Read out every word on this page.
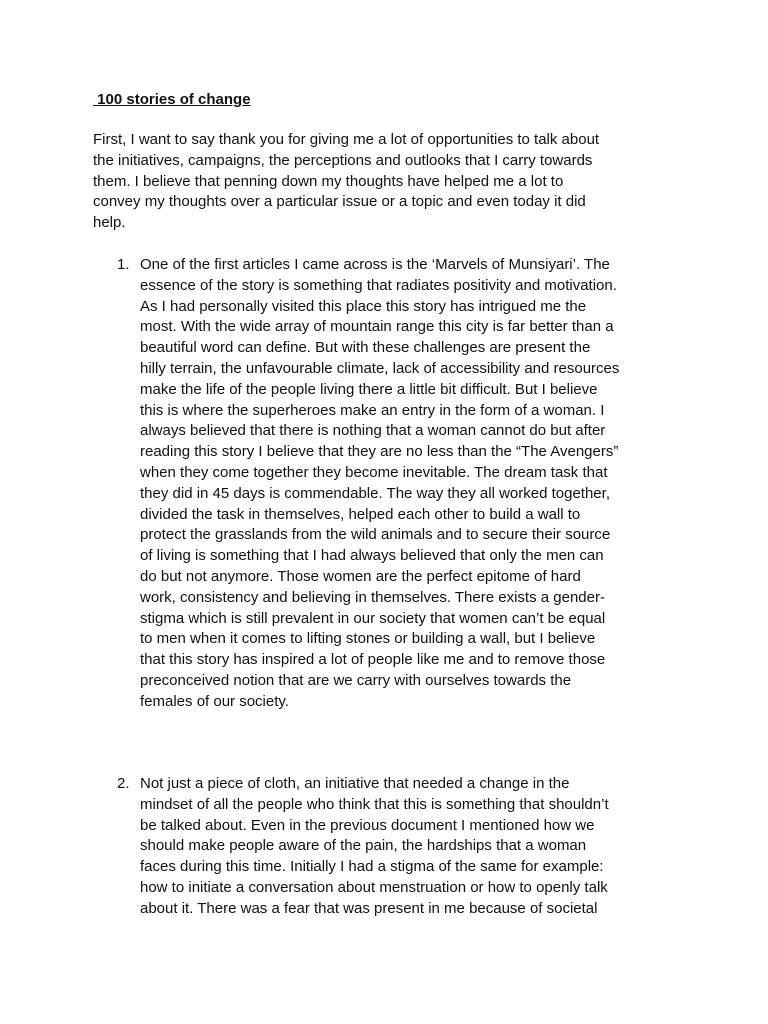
100 stories of change
First, I want to say thank you for giving me a lot of opportunities to talk about
the initiatives, campaigns, the perceptions and outlooks that I carry towards
them. I believe that penning down my thoughts have helped me a lot to
convey my thoughts over a particular issue or a topic and even today it did
help.
1. One of the first articles I came across is the ‘Marvels of Munsiyari’. The
essence of the story is something that radiates positivity and motivation.
As I had personally visited this place this story has intrigued me the
most. With the wide array of mountain range this city is far better than a
beautiful word can define. But with these challenges are present the
hilly terrain, the unfavourable climate, lack of accessibility and resources
make the life of the people living there a little bit difficult. But I believe
this is where the superheroes make an entry in the form of a woman. I
always believed that there is nothing that a woman cannot do but after
reading this story I believe that they are no less than the “The Avengers”
when they come together they become inevitable. The dream task that
they did in 45 days is commendable. The way they all worked together,
divided the task in themselves, helped each other to build a wall to
protect the grasslands from the wild animals and to secure their source
of living is something that I had always believed that only the men can
do but not anymore. Those women are the perfect epitome of hard
work, consistency and believing in themselves. There exists a gender-
stigma which is still prevalent in our society that women can’t be equal
to men when it comes to lifting stones or building a wall, but I believe
that this story has inspired a lot of people like me and to remove those
preconceived notion that are we carry with ourselves towards the
females of our society.
2. Not just a piece of cloth, an initiative that needed a change in the
mindset of all the people who think that this is something that shouldn’t
be talked about. Even in the previous document I mentioned how we
should make people aware of the pain, the hardships that a woman
faces during this time. Initially I had a stigma of the same for example:
how to initiate a conversation about menstruation or how to openly talk
about it. There was a fear that was present in me because of societal
